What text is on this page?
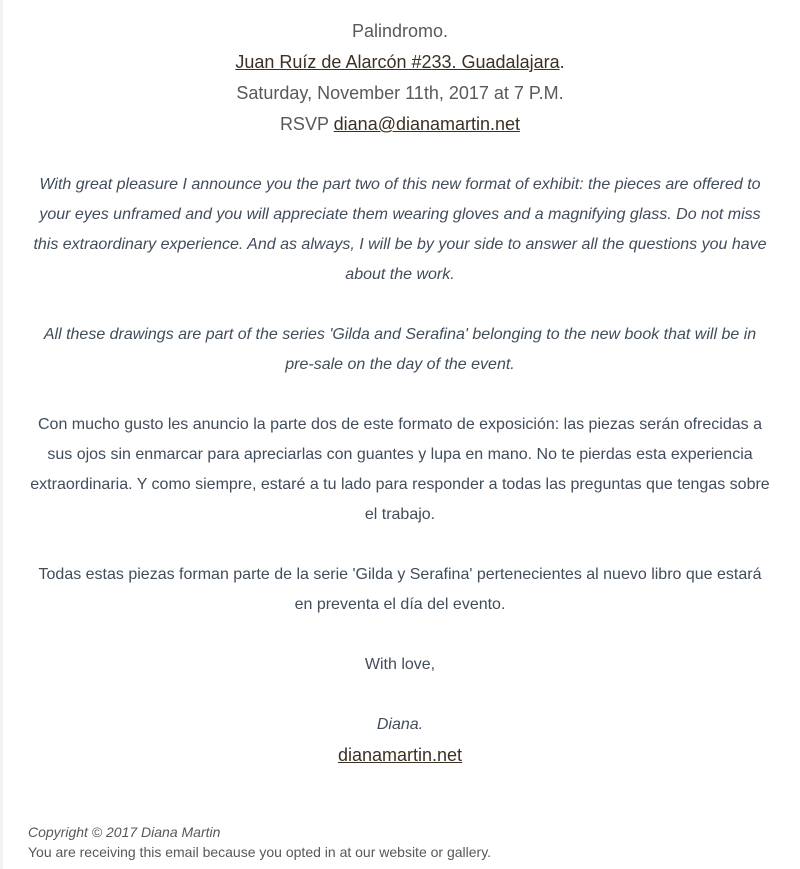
Palindromo.

Juan Ruíz de Alarcón #233. Guadalajara.

Saturday, November 11th, 2017 at 7 P.M.

RSVP diana@dianamartin.net

With great pleasure I announce you the part two of this new format of exhibit: the pieces are offered to your eyes unframed and you will appreciate them wearing gloves and a magnifying glass. Do not miss this extraordinary experience. And as always, I will be by your side to answer all the questions you have about the work.

All these drawings are part of the series 'Gilda and Serafina' belonging to the new book that will be in pre-sale on the day of the event.

Con mucho gusto les anuncio la parte dos de este formato de exposición: las piezas serán ofrecidas a sus ojos sin enmarcar para apreciarlas con guantes y lupa en mano. No te pierdas esta experiencia extraordinaria. Y como siempre, estaré a tu lado para responder a todas las preguntas que tengas sobre el trabajo.

Todas estas piezas forman parte de la serie 'Gilda y Serafina' pertenecientes al nuevo libro que estará en preventa el día del evento.

With love,

Diana.

dianamartin.net

Copyright © 2017 Diana Martin

You are receiving this email because you opted in at our website or gallery.
